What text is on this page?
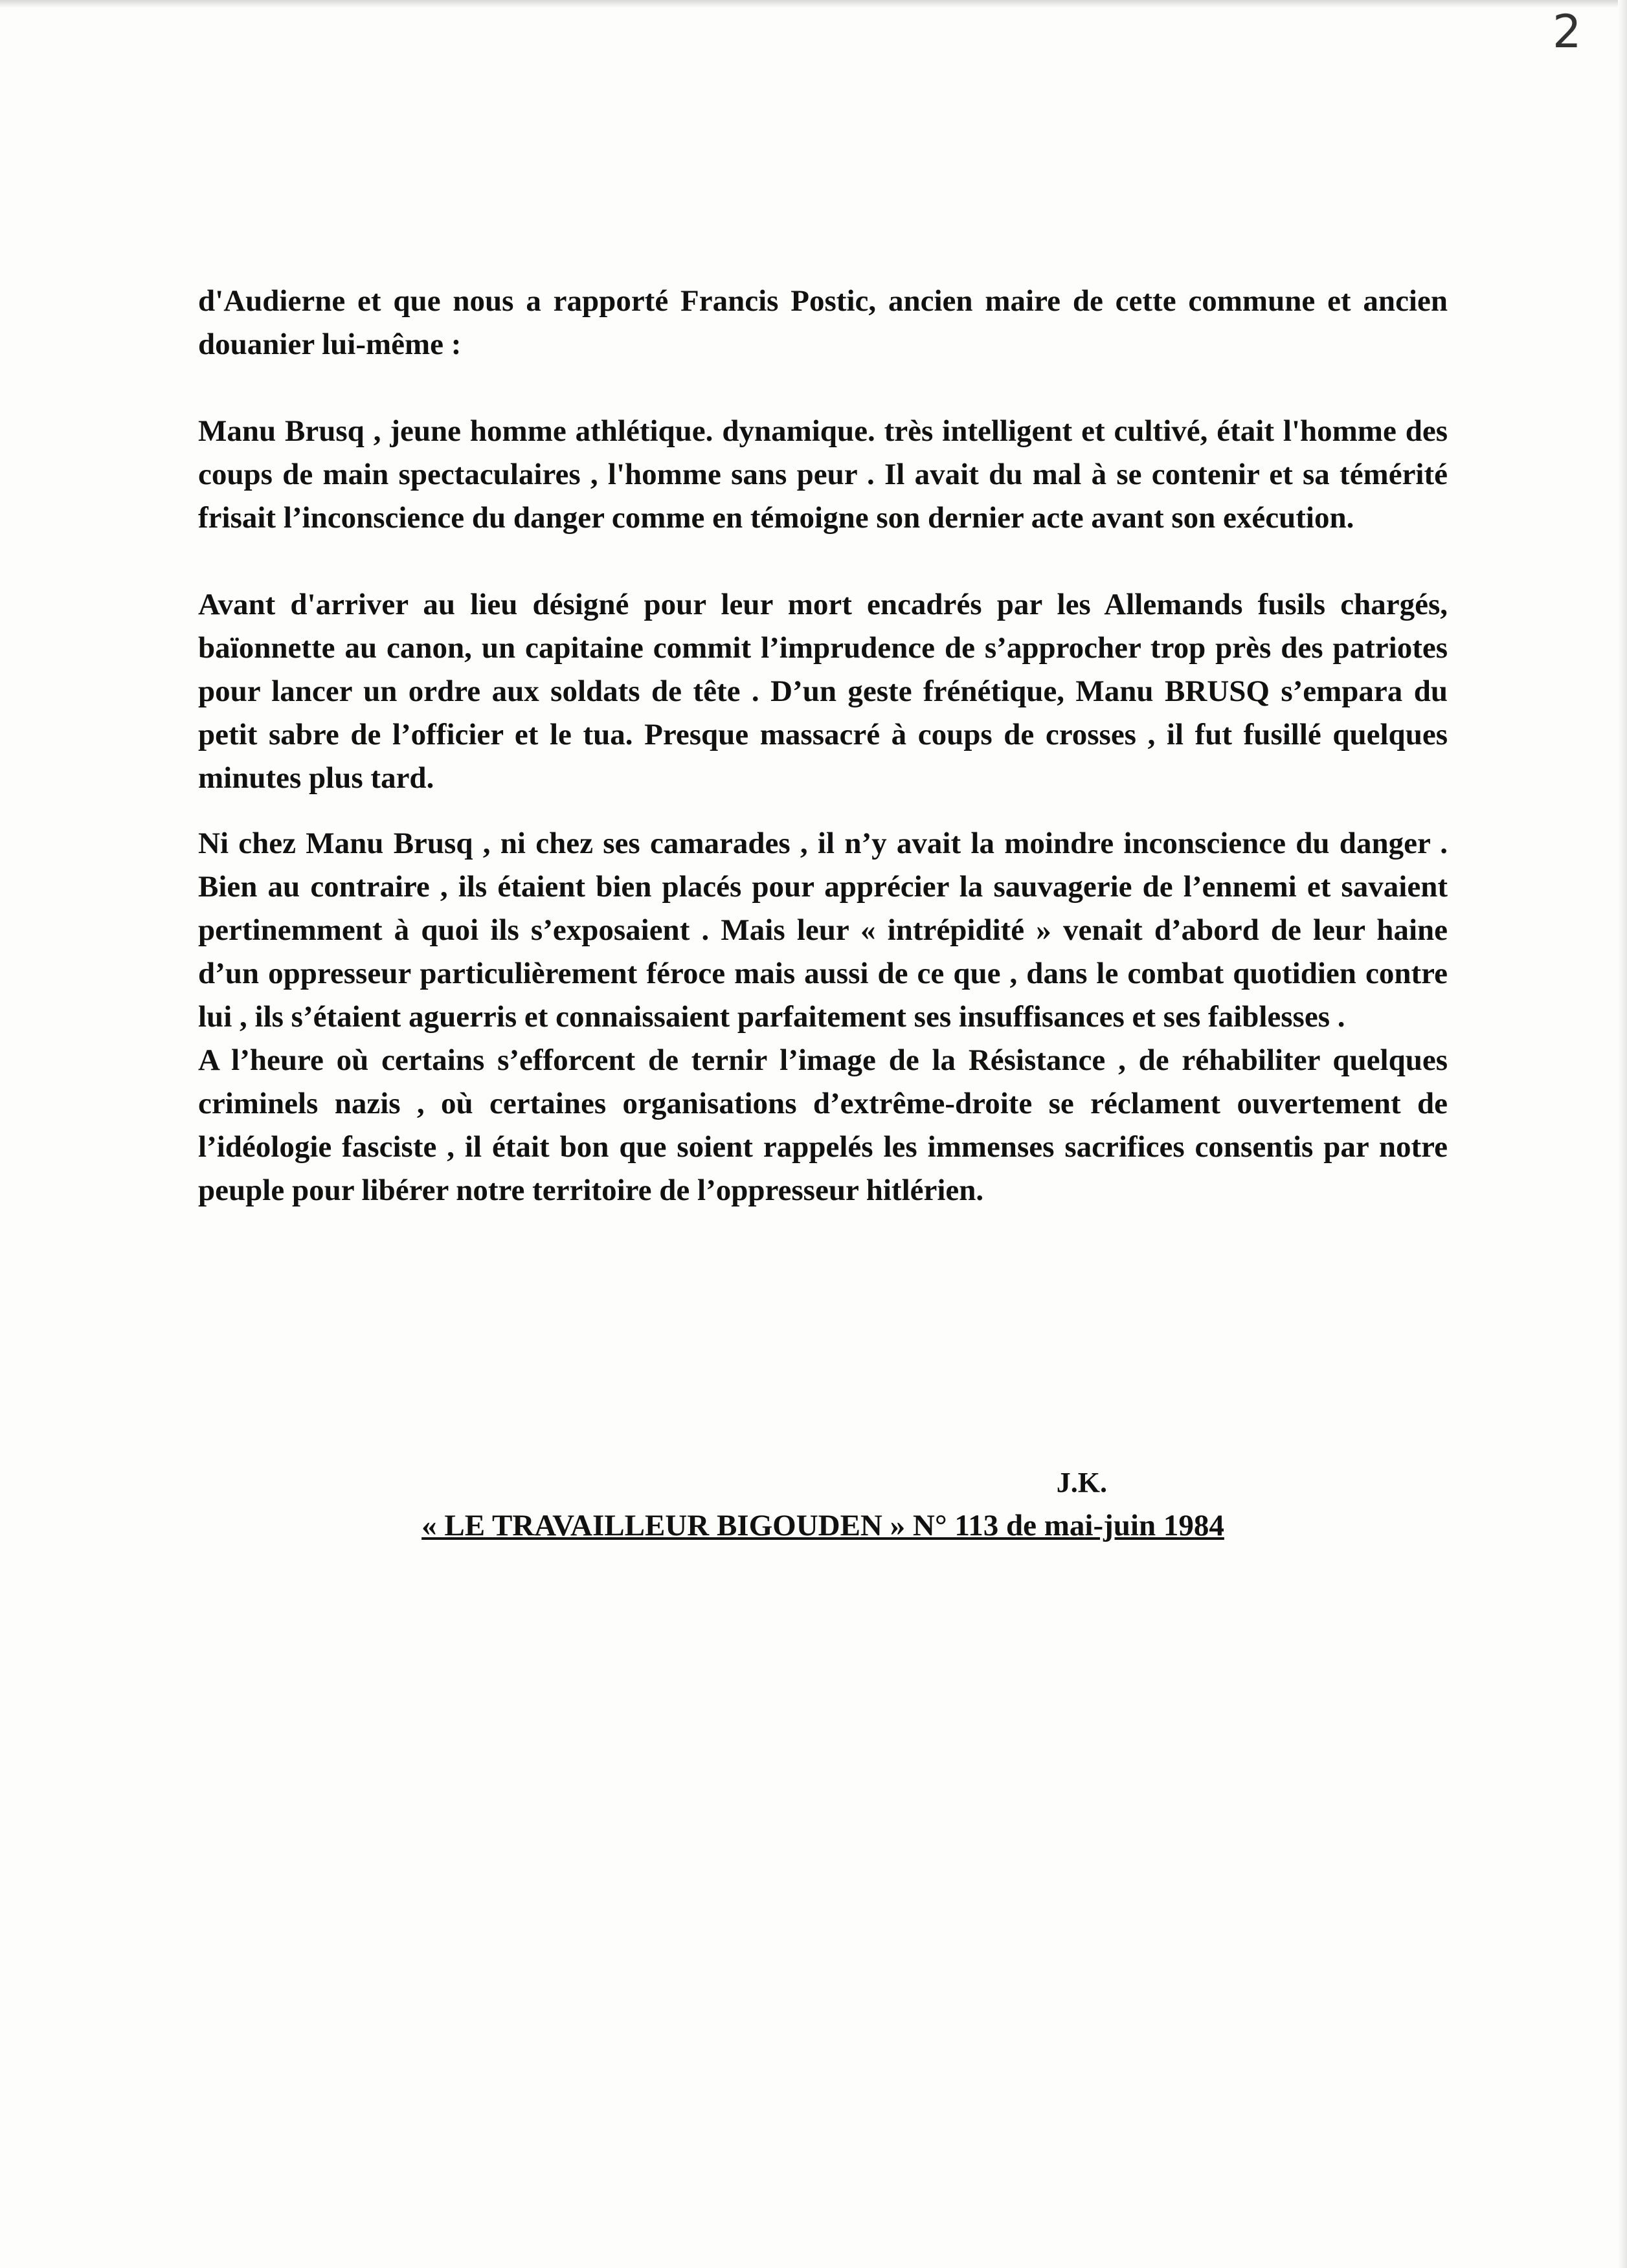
2

d'Audierne et que nous a rapporté Francis Postic, ancien maire de cette commune et ancien douanier lui-même :

Manu Brusq , jeune homme athlétique. dynamique. très intelligent et cultivé, était l'homme des coups de main spectaculaires , l'homme sans peur . Il avait du mal à se contenir et sa témérité frisait l’inconscience du danger comme en témoigne son dernier acte avant son exécution.

Avant d'arriver au lieu désigné pour leur mort encadrés par les Allemands fusils chargés, baïonnette au canon, un capitaine commit l’imprudence de s’approcher trop près des patriotes pour lancer un ordre aux soldats de tête . D’un geste frénétique, Manu BRUSQ s’empara du petit sabre de l’officier et le tua. Presque massacré à coups de crosses , il fut fusillé quelques minutes plus tard.

Ni chez Manu Brusq , ni chez ses camarades , il n’y avait la moindre inconscience du danger . Bien au contraire , ils étaient bien placés pour apprécier la sauvagerie de l’ennemi et savaient pertinemment à quoi ils s’exposaient . Mais leur « intrépidité » venait d’abord de leur haine d’un oppresseur particulièrement féroce mais aussi de ce que , dans le combat quotidien contre lui , ils s’étaient aguerris et connaissaient parfaitement ses insuffisances et ses faiblesses .

A l’heure où certains s’efforcent de ternir l’image de la Résistance , de réhabiliter quelques criminels nazis , où certaines organisations d’extrême-droite se réclament ouvertement de l’idéologie fasciste , il était bon que soient rappelés les immenses sacrifices consentis par notre peuple pour libérer notre territoire de l’oppresseur hitlérien.

J.K.
« LE TRAVAILLEUR BIGOUDEN » N° 113 de mai-juin 1984
